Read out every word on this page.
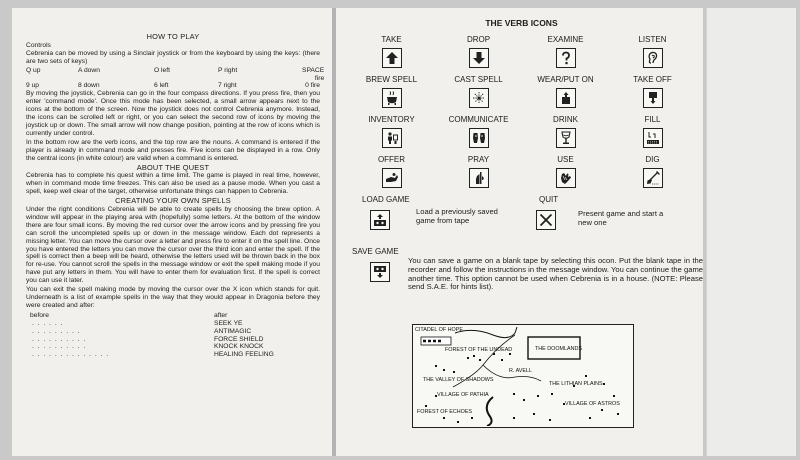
HOW TO PLAY
Controls

Cebrenia can be moved by using a Sinclair joystick or from the keyboard by using the keys: (there are two sets of keys)

Q up	A down	O left	P right	SPACE fire
9 up	8 down	6 left	7 right	0 fire

By moving the joystick, Cebrenia can go in the four compass directions. If you press fire, then you enter 'command mode'. Once this mode has been selected, a small arrow appears next to the icons at the bottom of the screen. Now the joystick does not control Cebrenia anymore. Instead, the icons can be scrolled left or right, or you can select the second row of icons by moving the joystick up or down. The small arrow will now change position, pointing at the row of icons which is currently under control.

In the bottom row are the verb icons, and the top row are the nouns. A command is entered if the player is already in command mode and presses fire. Five icons can be displayed in a row. Only the central icons (in white colour) are valid when a command is entered.

ABOUT THE QUEST

Cebrenia has to complete his quest within a time limit. The game is played in real time, however, when in command mode time freezes. This can also be used as a pause mode. When you cast a spell, keep well clear of the target, otherwise unfortunate things can happen to Cebrenia.

CREATING YOUR OWN SPELLS

Under the right conditions Cebrenia will be able to create spells by choosing the brew option. A window will appear in the playing area with (hopefully) some letters. At the bottom of the window there are four small icons. By moving the red cursor over the arrow icons and by pressing fire you can scroll the uncompleted spells up or down in the message window. Each dot represents a missing letter. You can move the cursor over a letter and press fire to enter it on the spell line. Once you have entered the letters you can move the cursor over the third icon and enter the spell. If the spell is correct then a beep will be heard, otherwise the letters used will be thrown back in the box for re-use. You cannot scroll the spells in the message window or exit the spell making mode if you have put any letters in them. You will have to enter them for evaluation first. If the spell is correct you can use it later.

You can exit the spell making mode by moving the cursor over the X icon which stands for quit. Underneath is a list of example spells in the way that they would appear in Dragonia before they were created and after:

before	after
. . . . . .	SEEK YE
. . . . . . . . .	ANTIMAGIC
. . . . . . . . . .	FORCE SHIELD
. . . . . . . . . .	KNOCK KNOCK
. . . . . . . . . . . . . .	HEALING FEELING
THE VERB ICONS
TAKE	DROP	EXAMINE	LISTEN
BREW SPELL	CAST SPELL	WEAR/PUT ON	TAKE OFF
INVENTORY	COMMUNICATE	DRINK	FILL
OFFER	PRAY	USE	DIG
LOAD GAME
Load a previously saved game from tape
QUIT
Present game and start a new one
SAVE GAME
You can save a game on a blank tape by selecting this ocon. Put the blank tape in the recorder and follow the instructions in the message window. You can continue the game another time. This option cannot be used when Cebrenia is in a house. (NOTE: Please send S.A.E. for hints list).
CITADEL OF HOPE
FOREST OF THE UNDEAD	THE DOOMLANDS
THE VALLEY OF SHADOWS
R. AVELL
THE LITHIAN PLAINS
VILLAGE OF PATHIA
VILLAGE OF ASTROS
FOREST OF ECHOES
